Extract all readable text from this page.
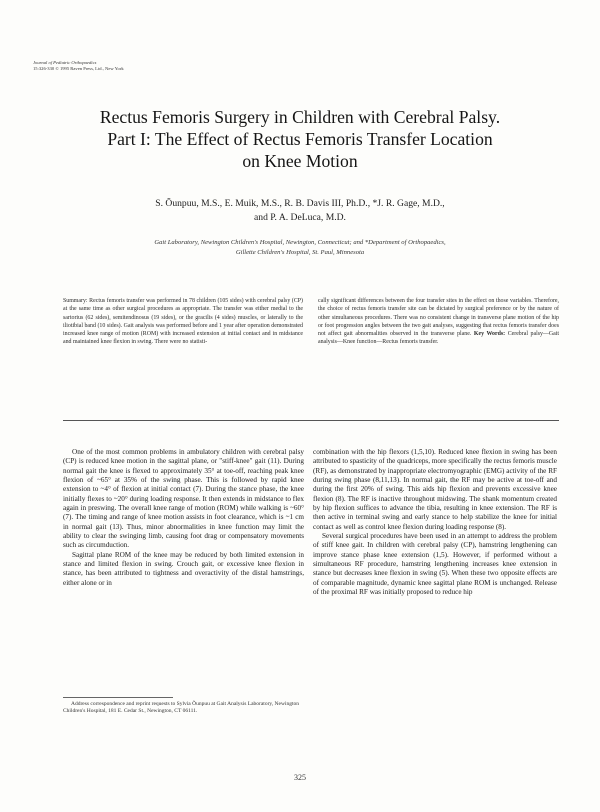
Journal of Pediatric Orthopaedics
15:326-330 © 1995 Raven Press, Ltd., New York
Rectus Femoris Surgery in Children with Cerebral Palsy.
Part I: The Effect of Rectus Femoris Transfer Location
on Knee Motion
S. Õunpuu, M.S., E. Muik, M.S., R. B. Davis III, Ph.D., *J. R. Gage, M.D.,
and P. A. DeLuca, M.D.
Gait Laboratory, Newington Children's Hospital, Newington, Connecticut; and *Department of Orthopaedics,
Gillette Children's Hospital, St. Paul, Minnesota
Summary: Rectus femoris transfer was performed in 78 children (105 sides) with cerebral palsy (CP) at the same time as other surgical procedures as appropriate. The transfer was either medial to the sartorius (62 sides), semitendinosus (19 sides), or the gracilis (4 sides) muscles, or laterally to the iliotibial band (10 sides). Gait analysis was performed before and 1 year after operation demonstrated increased knee range of motion (ROM) with increased extension at initial contact and in midstance and maintained knee flexion in swing. There were no statisti-
cally significant differences between the four transfer sites in the effect on those variables. Therefore, the choice of rectus femoris transfer site can be dictated by surgical preference or by the nature of other simultaneous procedures. There was no consistent change in transverse plane motion of the hip or foot progression angles between the two gait analyses, suggesting that rectus femoris transfer does not affect gait abnormalities observed in the transverse plane. Key Words: Cerebral palsy—Gait analysis—Knee function—Rectus femoris transfer.

One of the most common problems in ambulatory children with cerebral palsy (CP) is reduced knee motion in the sagittal plane, or "stiff-knee" gait (11). During normal gait the knee is flexed to approximately 35° at toe-off, reaching peak knee flexion of ~65° at 35% of the swing phase. This is followed by rapid knee extension to ~4° of flexion at initial contact (7). During the stance phase, the knee initially flexes to ~20° during loading response. It then extends in midstance to flex again in preswing. The overall knee range of motion (ROM) while walking is ~60° (7). The timing and range of knee motion assists in foot clearance, which is ~1 cm in normal gait (13). Thus, minor abnormalities in knee function may limit the ability to clear the swinging limb, causing foot drag or compensatory movements such as circumduction.

Sagittal plane ROM of the knee may be reduced by both limited extension in stance and limited flexion in swing. Crouch gait, or excessive knee flexion in stance, has been attributed to tightness and overactivity of the distal hamstrings, either alone or in

combination with the hip flexors (1,5,10). Reduced knee flexion in swing has been attributed to spasticity of the quadriceps, more specifically the rectus femoris muscle (RF), as demonstrated by inappropriate electromyographic (EMG) activity of the RF during swing phase (8,11,13). In normal gait, the RF may be active at toe-off and during the first 20% of swing. This aids hip flexion and prevents excessive knee flexion (8). The RF is inactive throughout midswing. The shank momentum created by hip flexion suffices to advance the tibia, resulting in knee extension. The RF is then active in terminal swing and early stance to help stabilize the knee for initial contact as well as control knee flexion during loading response (8).

Several surgical procedures have been used in an attempt to address the problem of stiff knee gait. In children with cerebral palsy (CP), hamstring lengthening can improve stance phase knee extension (1,5). However, if performed without a simultaneous RF procedure, hamstring lengthening increases knee extension in stance but decreases knee flexion in swing (5). When these two opposite effects are of comparable magnitude, dynamic knee sagittal plane ROM is unchanged. Release of the proximal RF was initially proposed to reduce hip

Address correspondence and reprint requests to Sylvia Õunpuu at Gait Analysis Laboratory, Newington Children's Hospital, 181 E. Cedar St., Newington, CT 06111.
325
